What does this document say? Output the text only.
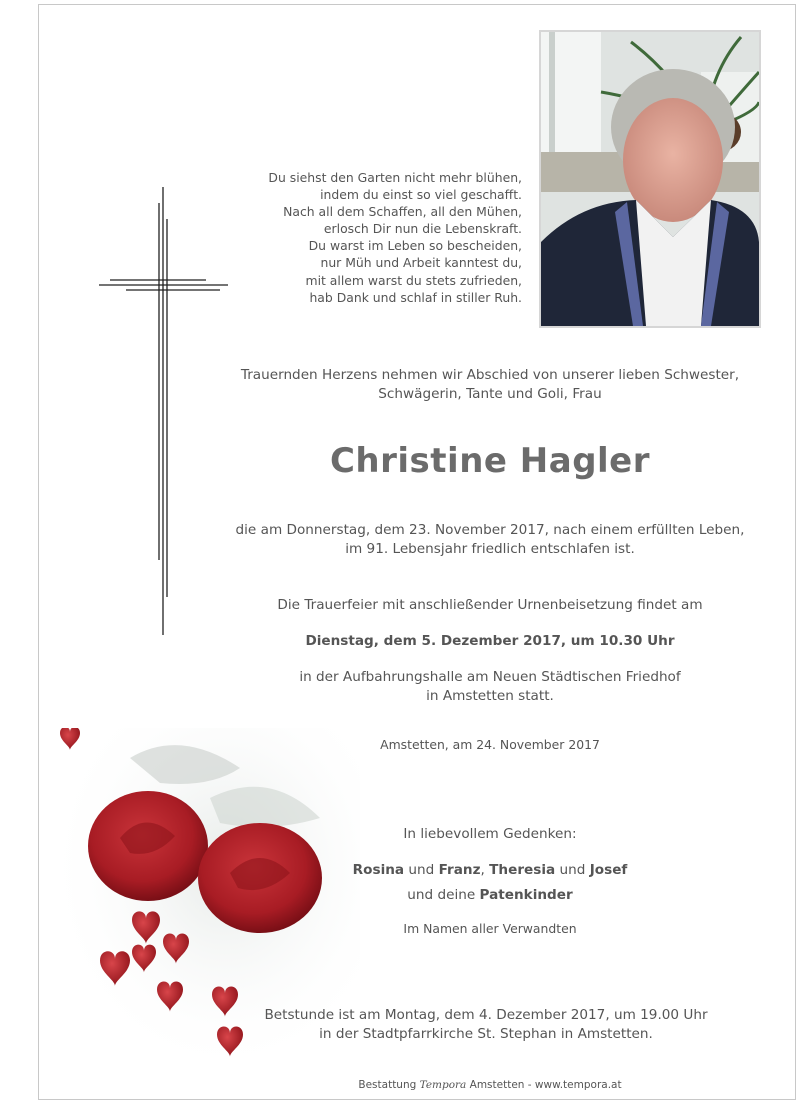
Du siehst den Garten nicht mehr blühen,
indem du einst so viel geschafft.
Nach all dem Schaffen, all den Mühen,
erlosch Dir nun die Lebenskraft.
Du warst im Leben so bescheiden,
nur Müh und Arbeit kanntest du,
mit allem warst du stets zufrieden,
hab Dank und schlaf in stiller Ruh.
Trauernden Herzens nehmen wir Abschied von unserer lieben Schwester,
Schwägerin, Tante und Goli, Frau
Christine Hagler
die am Donnerstag, dem 23. November 2017, nach einem erfüllten Leben,
im 91. Lebensjahr friedlich entschlafen ist.
Die Trauerfeier mit anschließender Urnenbeisetzung findet am
Dienstag, dem 5. Dezember 2017, um 10.30 Uhr
in der Aufbahrungshalle am Neuen Städtischen Friedhof
in Amstetten statt.
Amstetten, am 24. November 2017
In liebevollem Gedenken:
Rosina und Franz, Theresia und Josef
und deine Patenkinder
Im Namen aller Verwandten
Betstunde ist am Montag, dem 4. Dezember 2017, um 19.00 Uhr
in der Stadtpfarrkirche St. Stephan in Amstetten.
Bestattung Tempora Amstetten - www.tempora.at
